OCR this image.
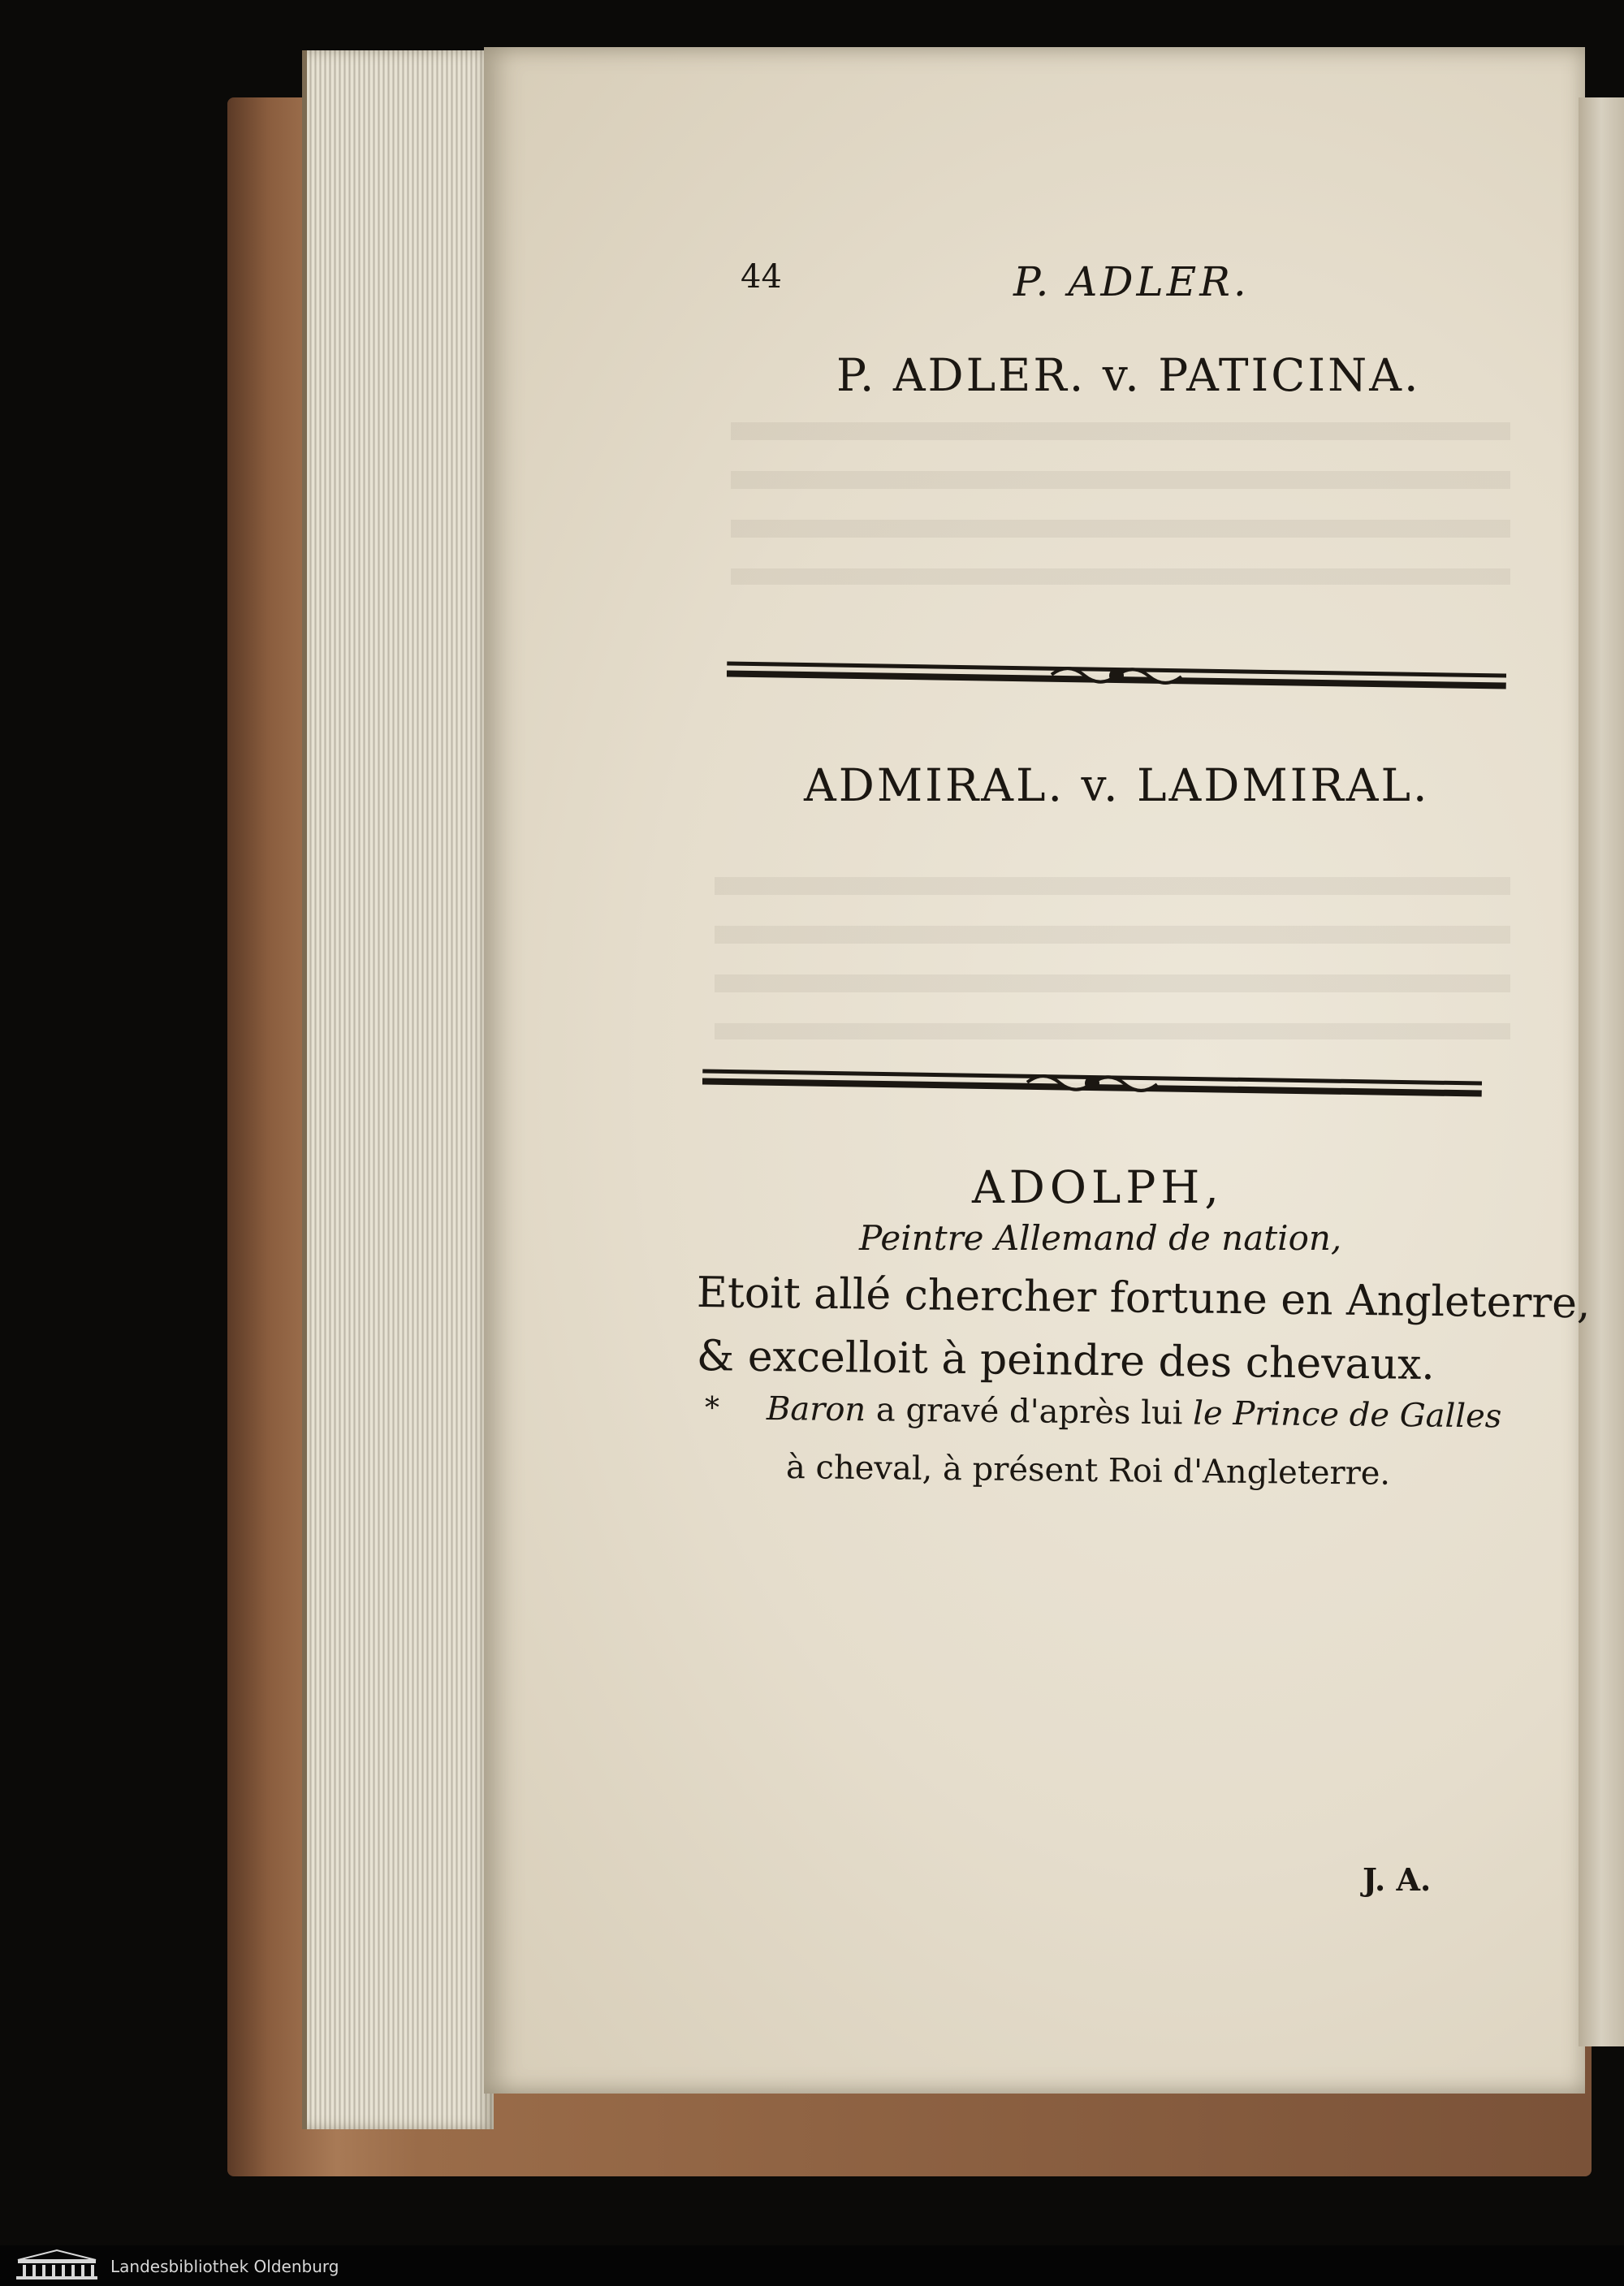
44	P. ADLER.
P. ADLER. v. PATICINA.
ADMIRAL. v. LADMIRAL.
ADOLPH,
Peintre Allemand de nation,
Etoit allé chercher fortune en Angleterre,
& excelloit à peindre des chevaux.
* Baron a gravé d'après lui le Prince de Galles
à cheval, à présent Roi d'Angleterre.
J. A.
Landesbibliothek Oldenburg
